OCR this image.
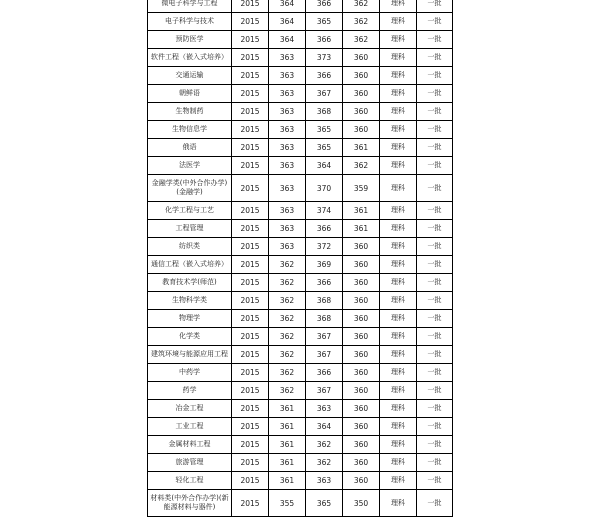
微电子科学与工程	2015	364	366	362	理科	一批
电子科学与技术	2015	364	365	362	理科	一批
预防医学	2015	364	366	362	理科	一批
软件工程（嵌入式培养）	2015	363	373	360	理科	一批
交通运输	2015	363	366	360	理科	一批
朝鲜语	2015	363	367	360	理科	一批
生物制药	2015	363	368	360	理科	一批
生物信息学	2015	363	365	360	理科	一批
俄语	2015	363	365	361	理科	一批
法医学	2015	363	364	362	理科	一批
金融学类(中外合作办学)(金融学)	2015	363	370	359	理科	一批
化学工程与工艺	2015	363	374	361	理科	一批
工程管理	2015	363	366	361	理科	一批
纺织类	2015	363	372	360	理科	一批
通信工程（嵌入式培养）	2015	362	369	360	理科	一批
教育技术学(师范)	2015	362	366	360	理科	一批
生物科学类	2015	362	368	360	理科	一批
物理学	2015	362	368	360	理科	一批
化学类	2015	362	367	360	理科	一批
建筑环境与能源应用工程	2015	362	367	360	理科	一批
中药学	2015	362	366	360	理科	一批
药学	2015	362	367	360	理科	一批
冶金工程	2015	361	363	360	理科	一批
工业工程	2015	361	364	360	理科	一批
金属材料工程	2015	361	362	360	理科	一批
旅游管理	2015	361	362	360	理科	一批
轻化工程	2015	361	363	360	理科	一批
材料类(中外合作办学)(新能源材料与器件)	2015	355	365	350	理科	一批
